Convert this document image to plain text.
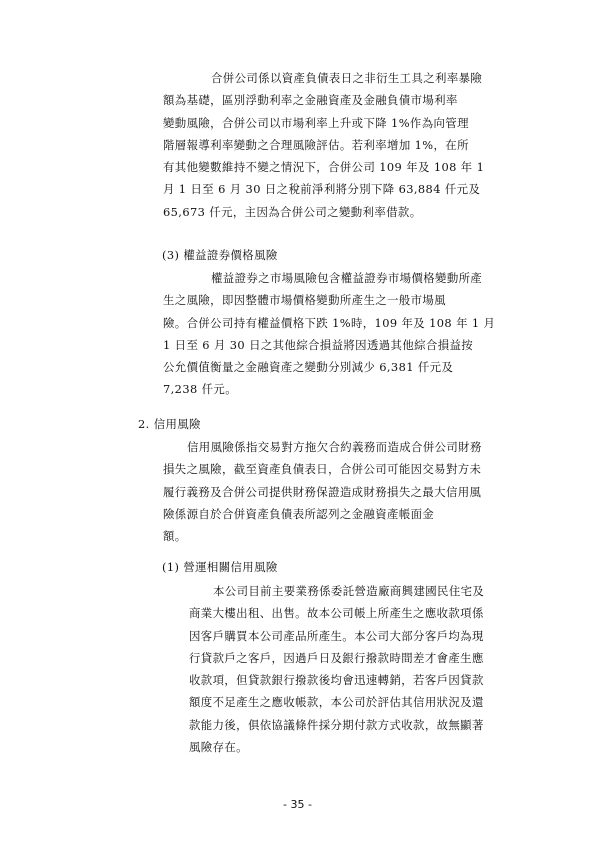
合併公司係以資產負債表日之非衍生工具之利率暴險
額為基礎，區別浮動利率之金融資產及金融負債市場利率
變動風險，合併公司以市場利率上升或下降 1%作為向管理
階層報導利率變動之合理風險評估。若利率增加 1%，在所
有其他變數維持不變之情況下，合併公司 109 年及 108 年 1
月 1 日至 6 月 30 日之稅前淨利將分別下降 63,884 仟元及
65,673 仟元，主因為合併公司之變動利率借款。
(3) 權益證券價格風險
權益證券之市場風險包含權益證券市場價格變動所產
生之風險，即因整體市場價格變動所產生之一般市場風
險。合併公司持有權益價格下跌 1%時，109 年及 108 年 1 月
1 日至 6 月 30 日之其他綜合損益將因透過其他綜合損益按
公允價值衡量之金融資產之變動分別減少 6,381 仟元及
7,238 仟元。
2. 信用風險
信用風險係指交易對方拖欠合約義務而造成合併公司財務
損失之風險，截至資產負債表日，合併公司可能因交易對方未
履行義務及合併公司提供財務保證造成財務損失之最大信用風
險係源自於合併資產負債表所認列之金融資產帳面金
額。
(1) 營運相關信用風險
本公司目前主要業務係委託營造廠商興建國民住宅及
商業大樓出租、出售。故本公司帳上所產生之應收款項係
因客戶購買本公司產品所產生。本公司大部分客戶均為現
行貸款戶之客戶，因過戶日及銀行撥款時間差才會產生應
收款項，但貸款銀行撥款後均會迅速轉銷，若客戶因貸款
額度不足產生之應收帳款，本公司於評估其信用狀況及還
款能力後，俱依協議條件採分期付款方式收款，故無顯著
風險存在。
- 35 -
